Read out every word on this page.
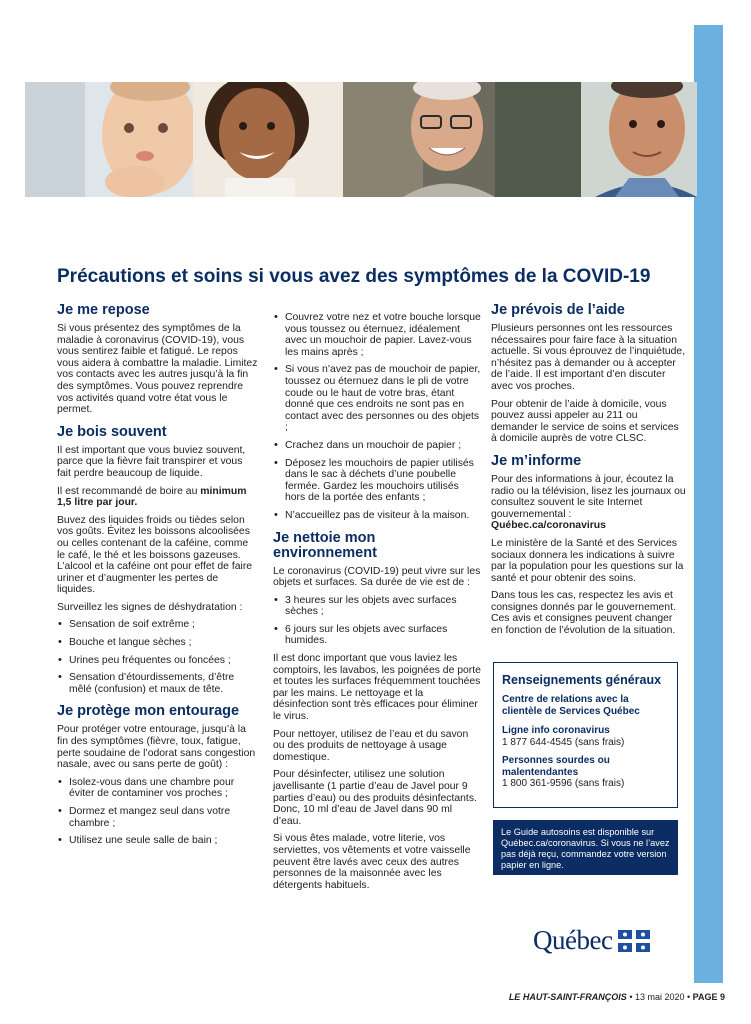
Précautions et soins si vous avez des symptômes de la COVID-19
Je me repose

Si vous présentez des symptômes de la maladie à coronavirus (COVID-19), vous vous sentirez faible et fatigué. Le repos vous aidera à combattre la maladie. Limitez vos contacts avec les autres jusqu’à la fin des symptômes. Vous pouvez reprendre vos activités quand votre état vous le permet.

Je bois souvent

Il est important que vous buviez souvent, parce que la fièvre fait transpirer et vous fait perdre beaucoup de liquide.

Il est recommandé de boire au minimum 1,5 litre par jour.

Buvez des liquides froids ou tièdes selon vos goûts. Évitez les boissons alcoolisées ou celles contenant de la caféine, comme le café, le thé et les boissons gazeuses. L’alcool et la caféine ont pour effet de faire uriner et d’augmenter les pertes de liquides.

Surveillez les signes de déshydratation :

• Sensation de soif extrême ;
• Bouche et langue sèches ;
• Urines peu fréquentes ou foncées ;
• Sensation d’étourdissements, d’être mêlé (confusion) et maux de tête.
Je protège mon entourage

Pour protéger votre entourage, jusqu’à la fin des symptômes (fièvre, toux, fatigue, perte soudaine de l’odorat sans congestion nasale, avec ou sans perte de goût) :

• Isolez-vous dans une chambre pour éviter de contaminer vos proches ;
• Dormez et mangez seul dans votre chambre ;
• Utilisez une seule salle de bain ;
• Couvrez votre nez et votre bouche lorsque vous toussez ou éternuez, idéalement avec un mouchoir de papier. Lavez-vous les mains après ;
• Si vous n’avez pas de mouchoir de papier, toussez ou éternuez dans le pli de votre coude ou le haut de votre bras, étant donné que ces endroits ne sont pas en contact avec des personnes ou des objets ;
• Crachez dans un mouchoir de papier ;
• Déposez les mouchoirs de papier utilisés dans le sac à déchets d’une poubelle fermée. Gardez les mouchoirs utilisés hors de la portée des enfants ;
• N’accueillez pas de visiteur à la maison.
Je nettoie mon environnement

Le coronavirus (COVID-19) peut vivre sur les objets et surfaces. Sa durée de vie est de :

• 3 heures sur les objets avec surfaces sèches ;
• 6 jours sur les objets avec surfaces humides.

Il est donc important que vous laviez les comptoirs, les lavabos, les poignées de porte et toutes les surfaces fréquemment touchées par les mains. Le nettoyage et la désinfection sont très efficaces pour éliminer le virus.

Pour nettoyer, utilisez de l’eau et du savon ou des produits de nettoyage à usage domestique.

Pour désinfecter, utilisez une solution javellisante (1 partie d’eau de Javel pour 9 parties d’eau) ou des produits désinfectants. Donc, 10 ml d’eau de Javel dans 90 ml d’eau.

Si vous êtes malade, votre literie, vos serviettes, vos vêtements et votre vaisselle peuvent être lavés avec ceux des autres personnes de la maisonnée avec les détergents habituels.

Je prévois de l’aide

Plusieurs personnes ont les ressources nécessaires pour faire face à la situation actuelle. Si vous éprouvez de l’inquiétude, n’hésitez pas à demander ou à accepter de l’aide. Il est important d’en discuter avec vos proches.

Pour obtenir de l’aide à domicile, vous pouvez aussi appeler au 211 ou demander le service de soins et services à domicile auprès de votre CLSC.

Je m’informe

Pour des informations à jour, écoutez la radio ou la télévision, lisez les journaux ou consultez souvent le site Internet gouvernemental :
Québec.ca/coronavirus

Le ministère de la Santé et des Services sociaux donnera les indications à suivre par la population pour les questions sur la santé et pour obtenir des soins.

Dans tous les cas, respectez les avis et consignes donnés par le gouvernement. Ces avis et consignes peuvent changer en fonction de l’évolution de la situation.

Renseignements généraux
Centre de relations avec la clientèle de Services Québec
Ligne info coronavirus
1 877 644-4545 (sans frais)
Personnes sourdes ou malentendantes
1 800 361-9596 (sans frais)
Le Guide autosoins est disponible sur Québec.ca/coronavirus. Si vous ne l’avez pas déjà reçu, commandez votre version papier en ligne.
Québec
LE HAUT-SAINT-FRANÇOIS • 13 mai 2020 • PAGE 9
